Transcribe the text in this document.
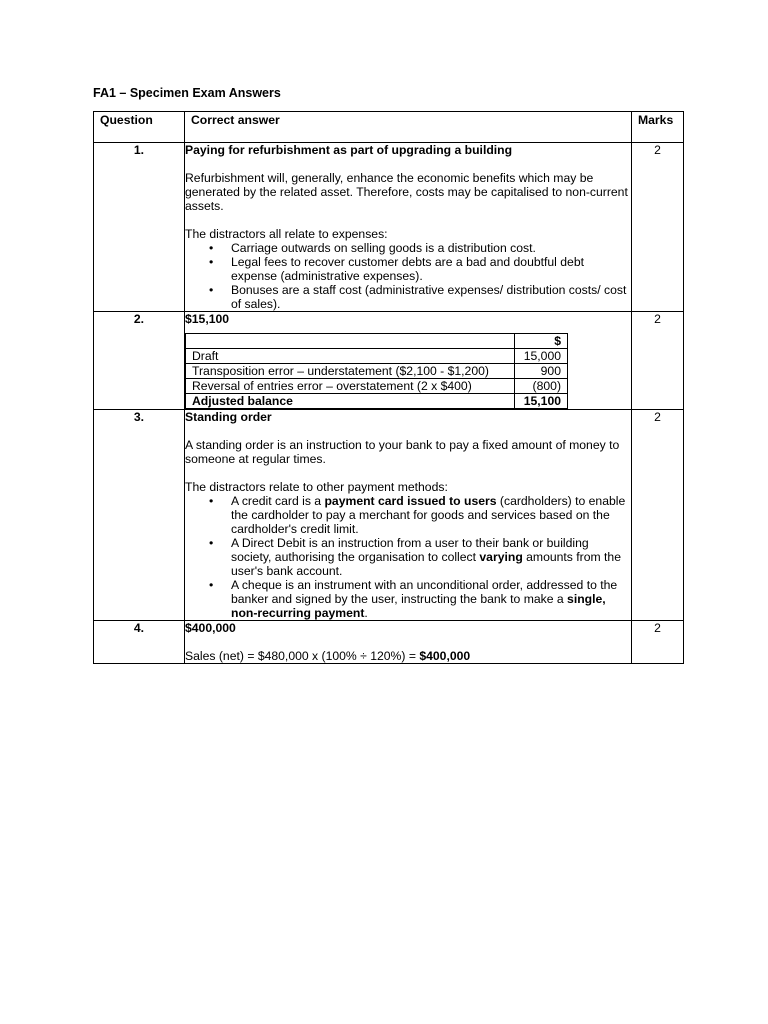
FA1 – Specimen Exam Answers
Question	Correct answer	Marks
1.	Paying for refurbishment as part of upgrading a building

Refurbishment will, generally, enhance the economic benefits which may be generated by the related asset. Therefore, costs may be capitalised to non-current assets.

The distractors all relate to expenses:

• Carriage outwards on selling goods is a distribution cost.
• Legal fees to recover customer debts are a bad and doubtful debt expense (administrative expenses).
• Bonuses are a staff cost (administrative expenses/ distribution costs/ cost of sales).
	2
2.	$15,100

	$
Draft	15,000
Transposition error – understatement ($2,100 - $1,200)	900
Reversal of entries error – overstatement (2 x $400)	(800)
Adjusted balance	15,100
	2
3.	Standing order

A standing order is an instruction to your bank to pay a fixed amount of money to someone at regular times.

The distractors relate to other payment methods:

• A credit card is a payment card issued to users (cardholders) to enable the cardholder to pay a merchant for goods and services based on the cardholder's credit limit.
• A Direct Debit is an instruction from a user to their bank or building society, authorising the organisation to collect varying amounts from the user's bank account.
• A cheque is an instrument with an unconditional order, addressed to the banker and signed by the user, instructing the bank to make a single, non-recurring payment.
	2
4.	$400,000

Sales (net) = $480,000 x (100% ÷ 120%) = $400,000

	2
